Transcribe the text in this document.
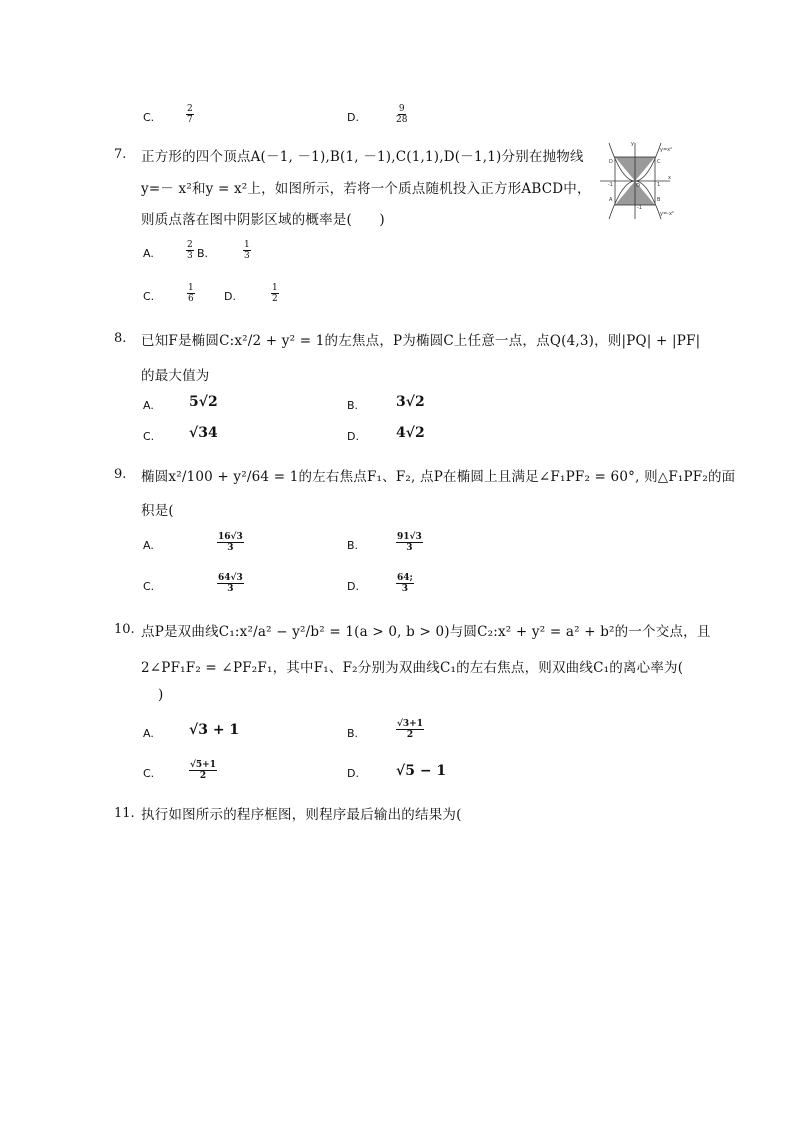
C.	$\frac{2}{7}$	D.	$\frac{9}{28}$
7. 正方形的四个顶点A(－1, －1),B(1, －1),C(1,1),D(－1,1)分别在抛物线
y=－ x²和y = x²上，如图所示，若将一个质点随机投入正方形ABCD中，
则质点落在图中阴影区域的概率是(　　)
y=x²
y=-x²
y
x
A	B
C
D
O
-1	1
-1
A.	$\frac{2}{3} B$.	$\frac{1}{3}$
C.	$\frac{1}{6}$	D.	$\frac{1}{2}$
8. 已知F是椭圆C:x²/2 + y² = 1的左焦点，P为椭圆C上任意一点，点Q(4,3)，则|PQ| + |PF|
的最大值为
A.	5√2	B.	3√2
C. √34	D.	4√2
9. 椭圆x²/100 + y²/64 = 1的左右焦点F₁、F₂, 点P在椭圆上且满足∠F₁PF₂ = 60°, 则△F₁PF₂的面
积是(
A.	$\frac{16√3}{3}$	B.	$\frac{91√3}{3}$
C.	$\frac{64√3}{3}$	D.	$\frac{64;}{3}$
10. 点P是双曲线C₁:x²/a² − y²/b² = 1(a > 0, b > 0)与圆C₂:x² + y² = a² + b²的一个交点，且
2∠PF₁F₂ = ∠PF₂F₁，其中F₁、F₂分别为双曲线C₁的左右焦点，则双曲线C₁的离心率为(
)
A.	√3 + 1	B.	$\frac{√3+1}{2}$
C.	$\frac{√5+1}{2}$	D.	√5 − 1
11. 执行如图所示的程序框图，则程序最后输出的结果为(
